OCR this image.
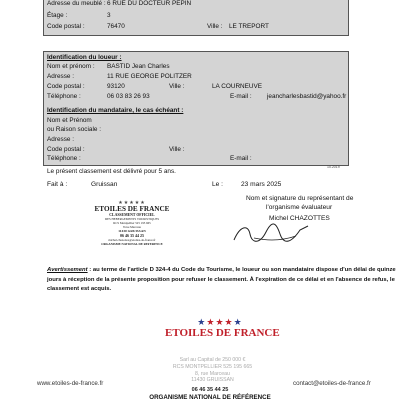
Adresse du meublé : 6 RUE DU DOCTEUR PEPIN
Étage :	3
Code postal :	76470	Ville : LE TREPORT
Identification du loueur :
Nom et prénom : BASTID Jean Charles
Adresse :	11 RUE GEORGE POLITZER
Code postal :	93120	Ville :	LA COURNEUVE
Téléphone :	06 03 83 26 93	E-mail : jeancharlesbastid@yahoo.fr
Identification du mandataire, le cas échéant :
Nom et Prénom
ou Raison sociale :
Adresse :
Code postal :	Ville :
Téléphone :	E-mail :
10.2019
Le présent classement est délivré pour 5 ans.
Fait à :	Gruissan	Le :	23 mars 2025
Nom et signature du représentant de
l'organisme évaluateur
Michel CHAZOTTES
★★★★★
ETOILES DE FRANCE
CLASSEMENT OFFICIEL
DES HEBERGEMENTS TOURISTIQUES
RCS Montpellier 525 195 665
8 rue Marceau
11430 GRUISSAN
06 46 35 44 25
michel.chazottes@etoiles-de-france.fr
ORGANISME NATIONAL DE REFERENCE
Avertissement : au terme de l'article D 324-4 du Code du Tourisme, le loueur ou son mandataire dispose d'un délai de quinze
jours à réception de la présente proposition pour refuser le classement. À l'expiration de ce délai et en l'absence de refus, le
classement est acquis.
★★★★★
ETOILES DE FRANCE
Sarl au Capital de 250 000 €
RCS MONTPELLIER 525 195 665
8, rue Marceau
11430 GRUISSAN
06 46 35 44 25
www.etoiles-de-france.fr	contact@etoiles-de-france.fr
ORGANISME NATIONAL DE RÉFÉRENCE
